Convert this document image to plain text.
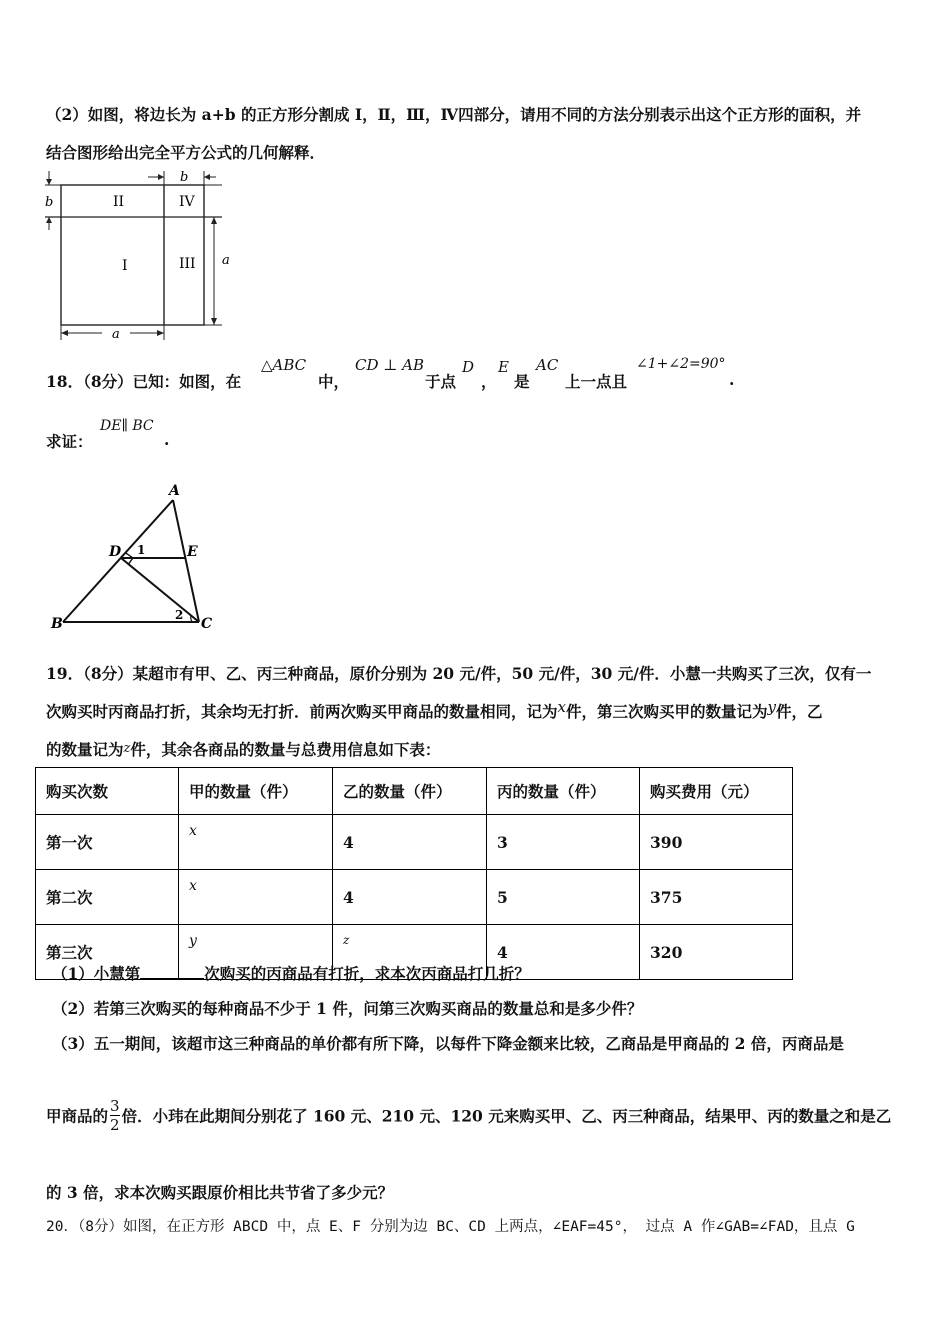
（2）如图，将边长为 a+b 的正方形分割成 I，Ⅱ，Ⅲ，Ⅳ四部分，请用不同的方法分别表示出这个正方形的面积，并
结合图形给出完全平方公式的几何解释．
II	IV
I	III
b
b
a
a
18．（8分）已知：如图，在
△ABC
中，
CD ⊥ AB
于点
D
，
E
是
AC
上一点且
∠1+∠2=90°
.
求证：
DE∥ BC
.
A
B	C
D	E
1
2
19．（8分）某超市有甲、乙、丙三种商品，原价分别为 20 元/件，50 元/件，30 元/件．小慧一共购买了三次，仅有一
次购买时丙商品打折，其余均无打折．前两次购买甲商品的数量相同，记为x件，第三次购买甲的数量记为y件，乙
的数量记为z件，其余各商品的数量与总费用信息如下表：
购买次数	甲的数量（件）	乙的数量（件）	丙的数量（件）	购买费用（元）
第一次	x	4	3	390
第二次	x	4	5	375
第三次	y	z	4	320
（1）小慧第	次购买的丙商品有打折，求本次丙商品打几折？
（2）若第三次购买的每种商品不少于 1 件，问第三次购买商品的数量总和是多少件？
（3）五一期间，该超市这三种商品的单价都有所下降，以每件下降金额来比较，乙商品是甲商品的 2 倍，丙商品是
甲商品的 $\frac{3}{2}$ 倍．小玮在此期间分别花了 160 元、210 元、120 元来购买甲、乙、丙三种商品，结果甲、丙的数量之和是乙
的 3 倍，求本次购买跟原价相比共节省了多少元？
20．（8分）如图，在正方形 ABCD 中，点 E、F 分别为边 BC、CD 上两点，∠EAF=45°， 过点 A 作∠GAB=∠FAD，且点 G
